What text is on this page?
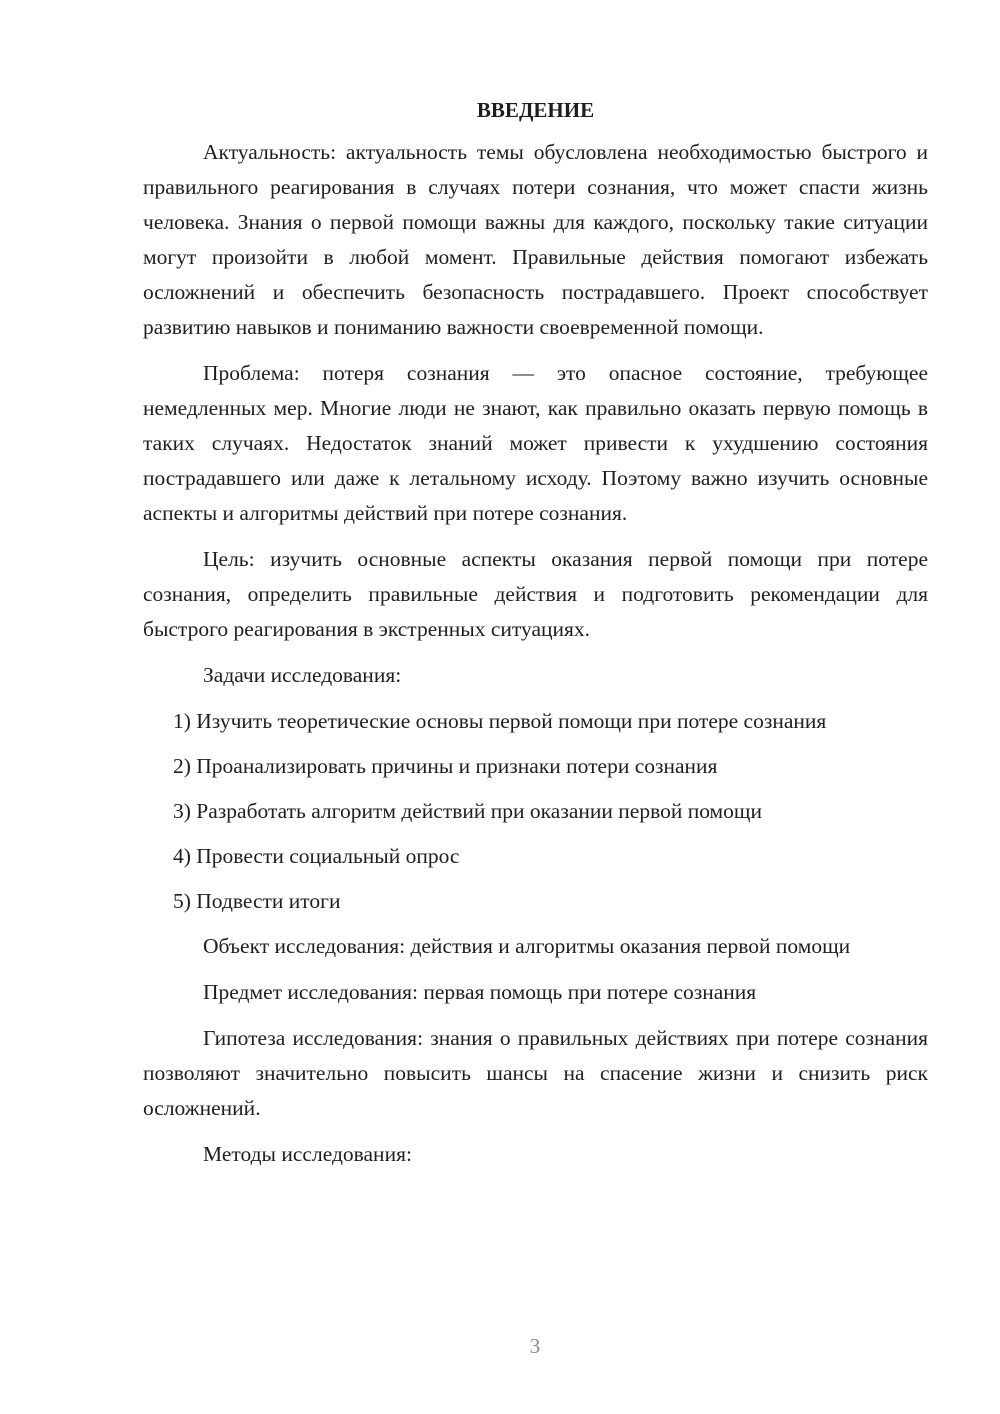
ВВЕДЕНИЕ

Актуальность: актуальность темы обусловлена необходимостью быстрого и правильного реагирования в случаях потери сознания, что может спасти жизнь человека. Знания о первой помощи важны для каждого, поскольку такие ситуации могут произойти в любой момент. Правильные действия помогают избежать осложнений и обеспечить безопасность пострадавшего. Проект способствует развитию навыков и пониманию важности своевременной помощи.

Проблема: потеря сознания — это опасное состояние, требующее немедленных мер. Многие люди не знают, как правильно оказать первую помощь в таких случаях. Недостаток знаний может привести к ухудшению состояния пострадавшего или даже к летальному исходу. Поэтому важно изучить основные аспекты и алгоритмы действий при потере сознания.

Цель: изучить основные аспекты оказания первой помощи при потере сознания, определить правильные действия и подготовить рекомендации для быстрого реагирования в экстренных ситуациях.

Задачи исследования:

1) Изучить теоретические основы первой помощи при потере сознания
2) Проанализировать причины и признаки потери сознания
3) Разработать алгоритм действий при оказании первой помощи
4) Провести социальный опрос
5) Подвести итоги

Объект исследования: действия и алгоритмы оказания первой помощи

Предмет исследования: первая помощь при потере сознания

Гипотеза исследования: знания о правильных действиях при потере сознания позволяют значительно повысить шансы на спасение жизни и снизить риск осложнений.

Методы исследования:

3
